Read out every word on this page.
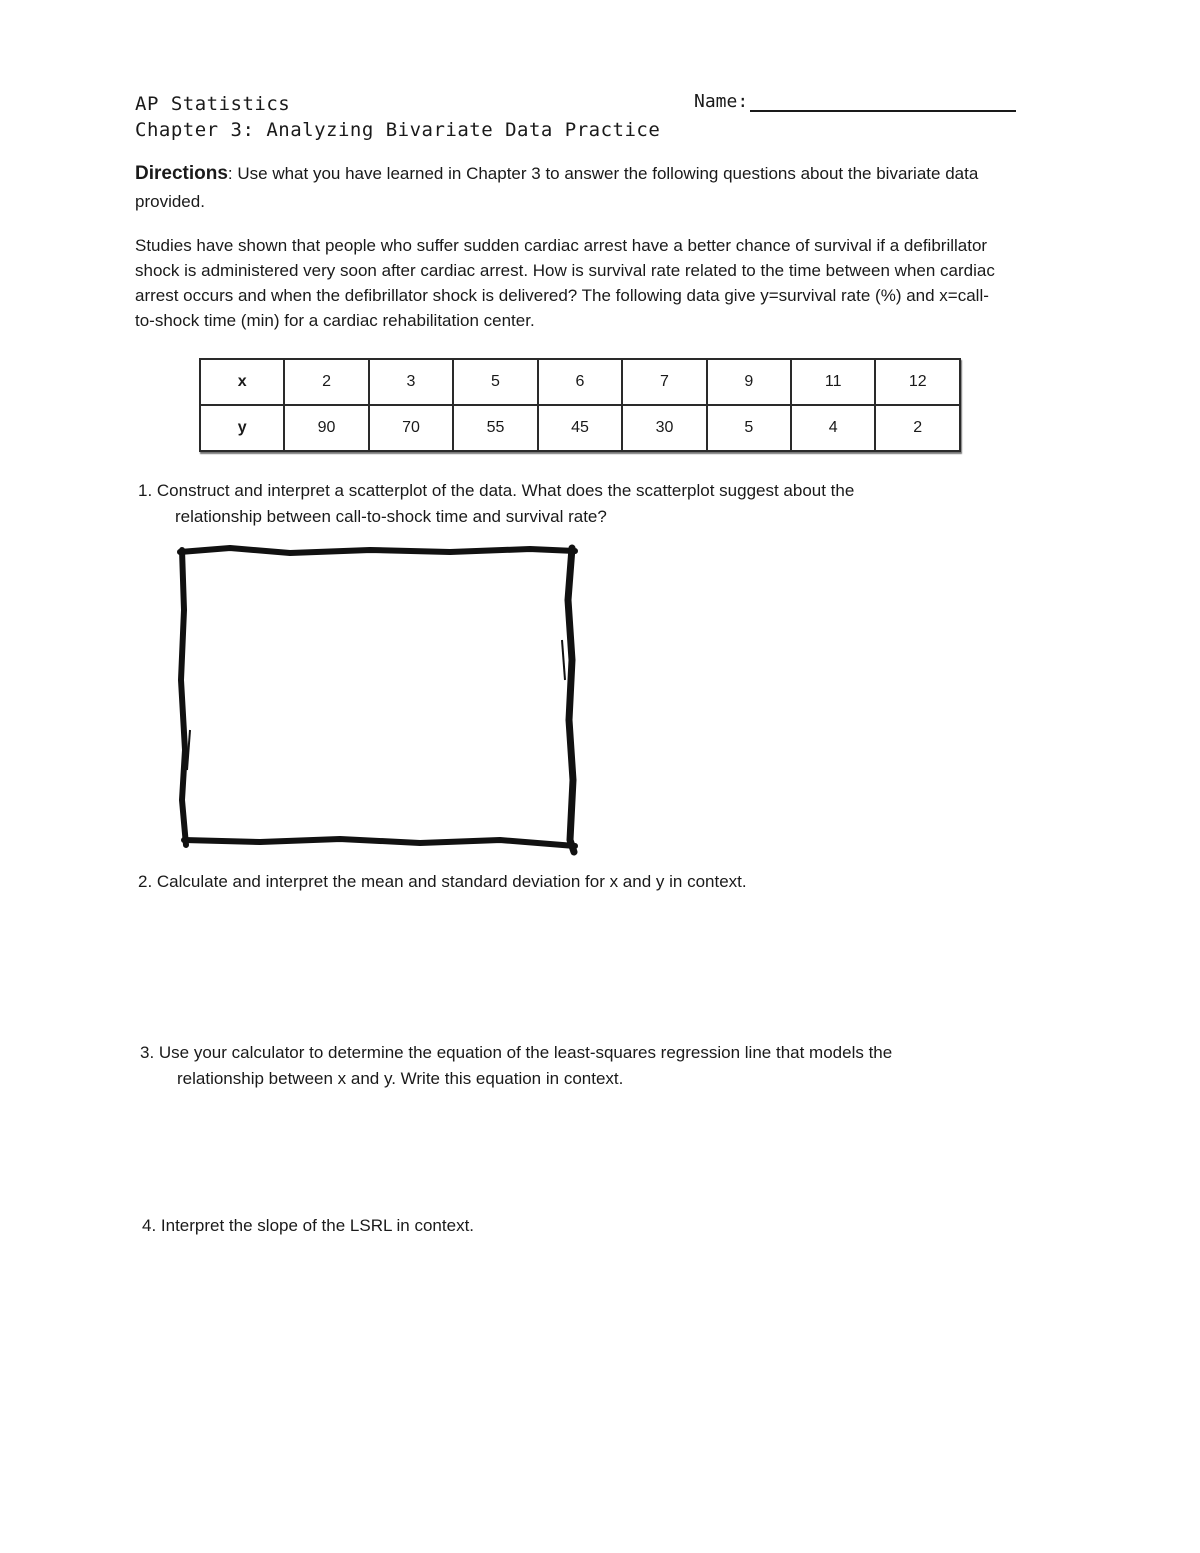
AP Statistics
Chapter 3: Analyzing Bivariate Data Practice
Name:
Directions: Use what you have learned in Chapter 3 to answer the following questions about the bivariate data provided.
Studies have shown that people who suffer sudden cardiac arrest have a better chance of survival if a defibrillator shock is administered very soon after cardiac arrest. How is survival rate related to the time between when cardiac arrest occurs and when the defibrillator shock is delivered? The following data give y=survival rate (%) and x=call-to-shock time (min) for a cardiac rehabilitation center.
x	2	3	5	6	7	9	11	12
y	90	70	55	45	30	5	4	2
1. Construct and interpret a scatterplot of the data. What does the scatterplot suggest about the
relationship between call-to-shock time and survival rate?
2. Calculate and interpret the mean and standard deviation for x and y in context.
3. Use your calculator to determine the equation of the least-squares regression line that models the
relationship between x and y. Write this equation in context.
4. Interpret the slope of the LSRL in context.
